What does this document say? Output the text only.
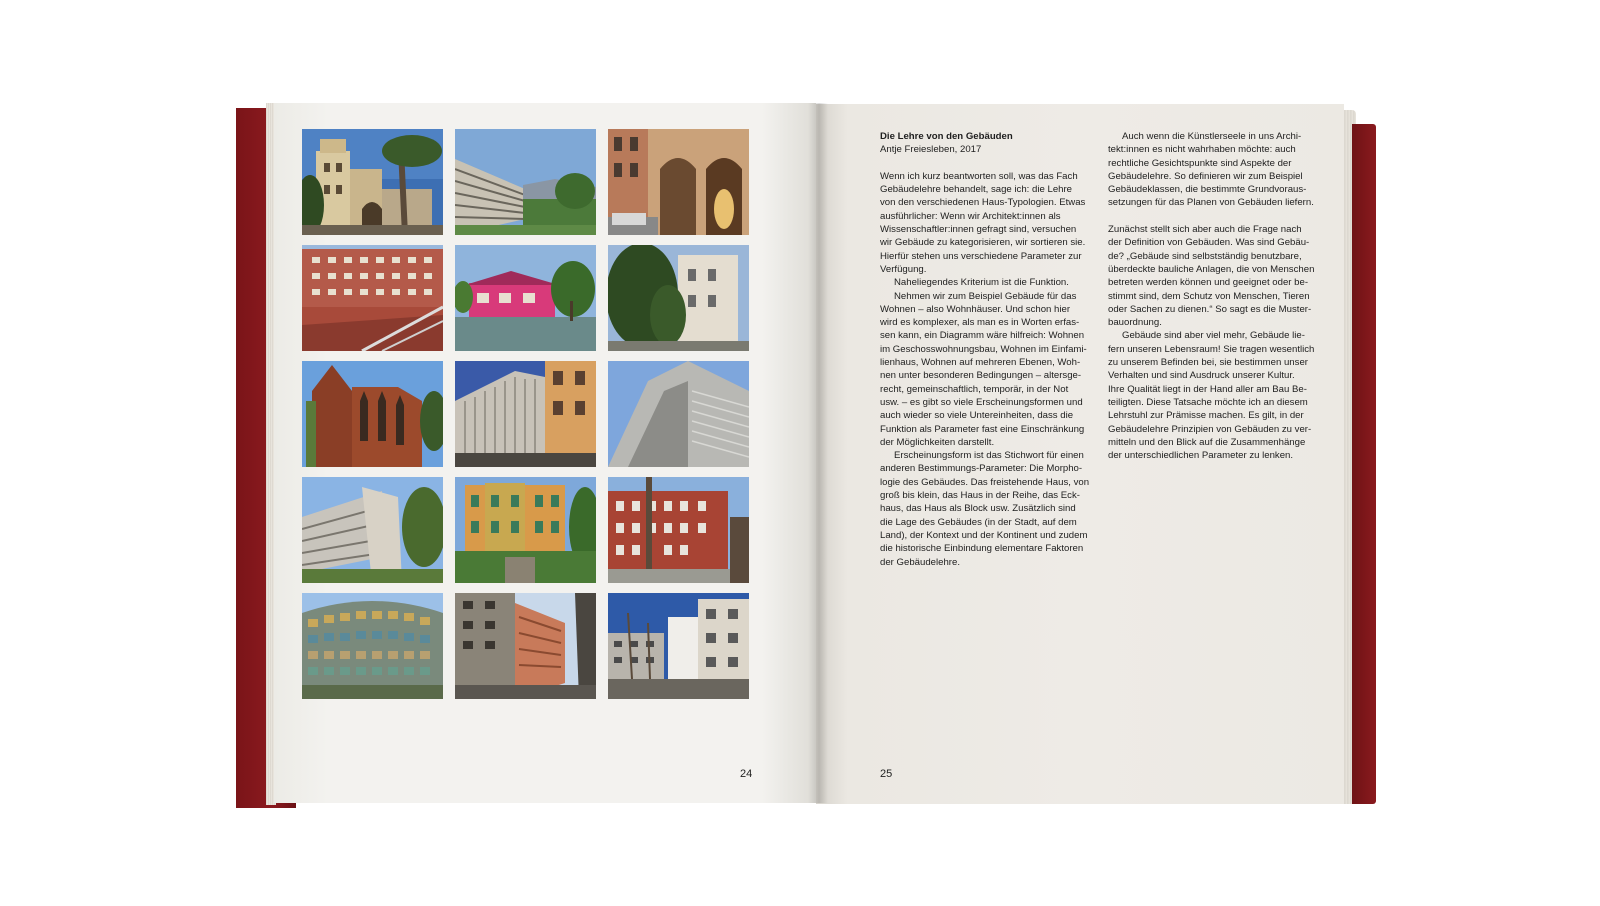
24	25
Die Lehre von den Gebäuden
Antje Freiesleben, 2017
Wenn ich kurz beantworten soll, was das Fach
Gebäudelehre behandelt, sage ich: die Lehre
von den verschiedenen Haus-Typologien. Etwas
ausführlicher: Wenn wir Architekt:innen als
Wissenschaftler:innen gefragt sind, versuchen
wir Gebäude zu kategorisieren, wir sortieren sie.
Hierfür stehen uns verschiedene Parameter zur
Verfügung.
Naheliegendes Kriterium ist die Funktion.
Nehmen wir zum Beispiel Gebäude für das
Wohnen – also Wohnhäuser. Und schon hier
wird es komplexer, als man es in Worten erfas-
sen kann, ein Diagramm wäre hilfreich: Wohnen
im Geschosswohnungsbau, Wohnen im Einfami-
lienhaus, Wohnen auf mehreren Ebenen, Woh-
nen unter besonderen Bedingungen – altersge-
recht, gemeinschaftlich, temporär, in der Not
usw. – es gibt so viele Erscheinungsformen und
auch wieder so viele Untereinheiten, dass die
Funktion als Parameter fast eine Einschränkung
der Möglichkeiten darstellt.
Erscheinungsform ist das Stichwort für einen
anderen Bestimmungs-Parameter: Die Morpho-
logie des Gebäudes. Das freistehende Haus, von
groß bis klein, das Haus in der Reihe, das Eck-
haus, das Haus als Block usw. Zusätzlich sind
die Lage des Gebäudes (in der Stadt, auf dem
Land), der Kontext und der Kontinent und zudem
die historische Einbindung elementare Faktoren
der Gebäudelehre.
Auch wenn die Künstlerseele in uns Archi-
tekt:innen es nicht wahrhaben möchte: auch
rechtliche Gesichtspunkte sind Aspekte der
Gebäudelehre. So definieren wir zum Beispiel
Gebäudeklassen, die bestimmte Grundvoraus-
setzungen für das Planen von Gebäuden liefern.
Zunächst stellt sich aber auch die Frage nach
der Definition von Gebäuden. Was sind Gebäu-
de? „Gebäude sind selbstständig benutzbare,
überdeckte bauliche Anlagen, die von Menschen
betreten werden können und geeignet oder be-
stimmt sind, dem Schutz von Menschen, Tieren
oder Sachen zu dienen.“ So sagt es die Muster-
bauordnung.
Gebäude sind aber viel mehr, Gebäude lie-
fern unseren Lebensraum! Sie tragen wesentlich
zu unserem Befinden bei, sie bestimmen unser
Verhalten und sind Ausdruck unserer Kultur.
Ihre Qualität liegt in der Hand aller am Bau Be-
teiligten. Diese Tatsache möchte ich an diesem
Lehrstuhl zur Prämisse machen. Es gilt, in der
Gebäudelehre Prinzipien von Gebäuden zu ver-
mitteln und den Blick auf die Zusammenhänge
der unterschiedlichen Parameter zu lenken.
